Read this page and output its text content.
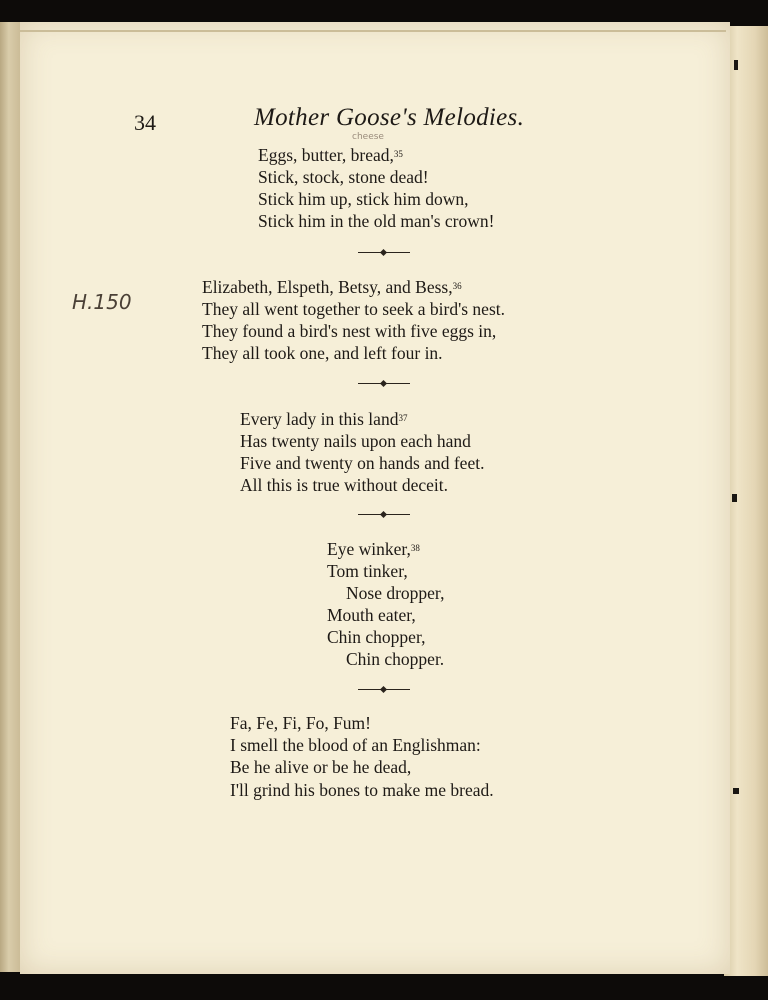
34	Mother Goose's Melodies.
cheese
H.150
Eggs, butter, bread,$^{35}$
Stick, stock, stone dead!
Stick him up, stick him down,
Stick him in the old man's crown!
Elizabeth, Elspeth, Betsy, and Bess,$^{36}$
They all went together to seek a bird's nest.
They found a bird's nest with five eggs in,
They all took one, and left four in.
Every lady in this land$^{37}$
Has twenty nails upon each hand
Five and twenty on hands and feet.
All this is true without deceit.
Eye winker,$^{38}$
Tom tinker,
Nose dropper,
Mouth eater,
Chin chopper,
Chin chopper.
Fa, Fe, Fi, Fo, Fum!
I smell the blood of an Englishman:
Be he alive or be he dead,
I'll grind his bones to make me bread.
